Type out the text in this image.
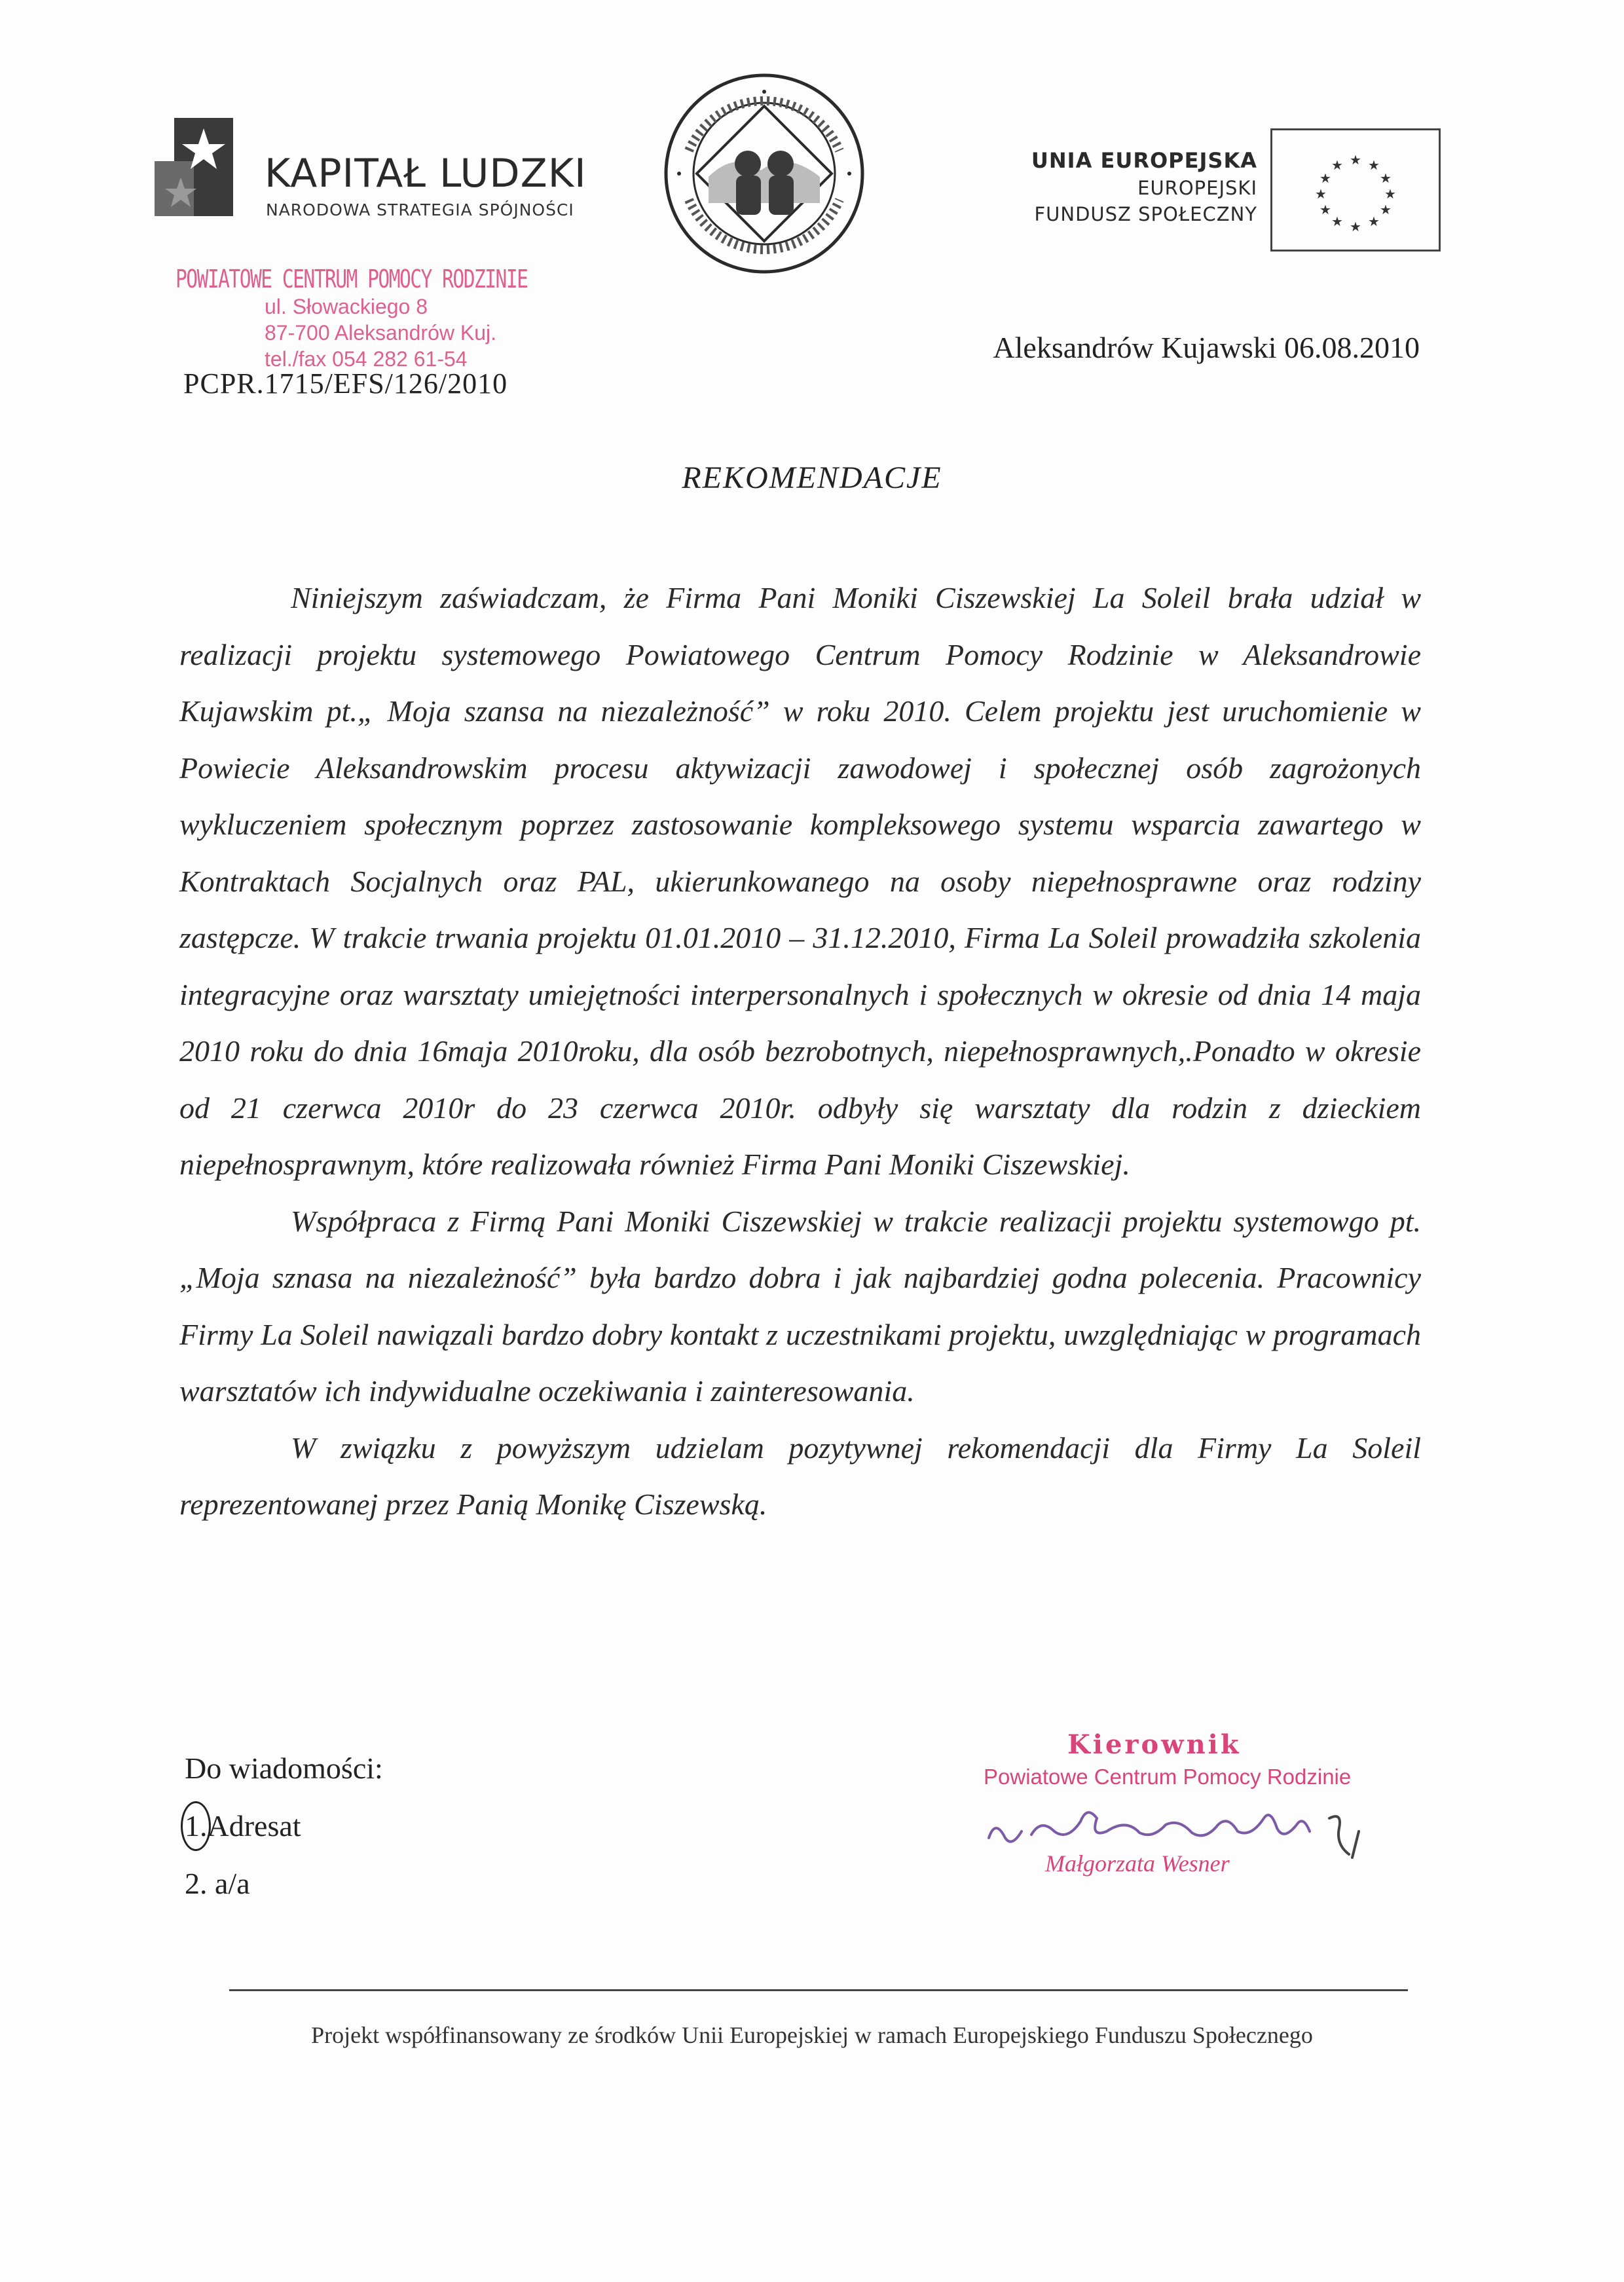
KAPITAŁ LUDZKI
NARODOWA STRATEGIA SPÓJNOŚCI
UNIA EUROPEJSKA
EUROPEJSKI
FUNDUSZ SPOŁECZNY
★ ★
★
★
★
★
★
★
★
★
★
★
POWIATOWE CENTRUM POMOCY RODZINIE
ul. Słowackiego 8
87-700 Aleksandrów Kuj.
tel./fax 054 282 61-54
PCPR.1715/EFS/126/2010
Aleksandrów Kujawski 06.08.2010
REKOMENDACJE

Niniejszym zaświadczam, że Firma Pani Moniki Ciszewskiej La Soleil brała udział w realizacji projektu systemowego Powiatowego Centrum Pomocy Rodzinie w Aleksandrowie Kujawskim pt.„ Moja szansa na niezależność” w roku 2010. Celem projektu jest uruchomienie w Powiecie Aleksandrowskim procesu aktywizacji zawodowej i społecznej osób zagrożonych wykluczeniem społecznym poprzez zastosowanie kompleksowego systemu wsparcia zawartego w Kontraktach Socjalnych oraz PAL, ukierunkowanego na osoby niepełnosprawne oraz rodziny zastępcze. W trakcie trwania projektu 01.01.2010 – 31.12.2010, Firma La Soleil prowadziła szkolenia integracyjne oraz warsztaty umiejętności interpersonalnych i społecznych w okresie od dnia 14 maja 2010 roku do dnia 16maja 2010roku, dla osób bezrobotnych, niepełnosprawnych,.Ponadto w okresie od 21 czerwca 2010r do 23 czerwca 2010r. odbyły się warsztaty dla rodzin z dzieckiem niepełnosprawnym, które realizowała również Firma Pani Moniki Ciszewskiej.

Współpraca z Firmą Pani Moniki Ciszewskiej w trakcie realizacji projektu systemowgo pt. „Moja sznasa na niezależność” była bardzo dobra i jak najbardziej godna polecenia. Pracownicy Firmy La Soleil nawiązali bardzo dobry kontakt z uczestnikami projektu, uwzględniając w programach warsztatów ich indywidualne oczekiwania i zainteresowania.

W związku z powyższym udzielam pozytywnej rekomendacji dla Firmy La Soleil reprezentowanej przez Panią Monikę Ciszewską.

Do wiadomości:
1.Adresat
2. a/a
Kierownik
Powiatowe Centrum Pomocy Rodzinie
Małgorzata Wesner
Projekt współfinansowany ze środków Unii Europejskiej w ramach Europejskiego Funduszu Społecznego
